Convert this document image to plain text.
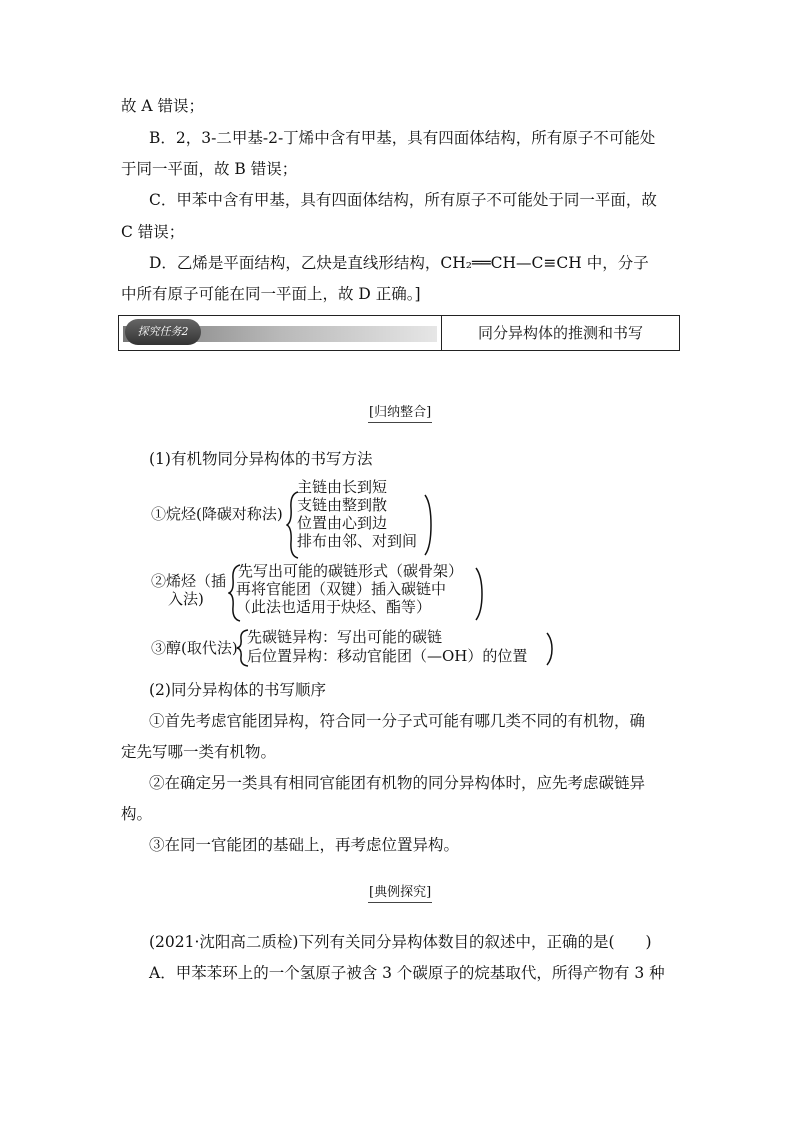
故 A 错误；
B．2，3-二甲基-2-丁烯中含有甲基，具有四面体结构，所有原子不可能处
于同一平面，故 B 错误；
C．甲苯中含有甲基，具有四面体结构，所有原子不可能处于同一平面，故
C 错误；
D．乙烯是平面结构，乙炔是直线形结构，CH₂══CH—C≡CH 中，分子
中所有原子可能在同一平面上，故 D 正确。]
探究任务2	同分异构体的推测和书写
[归纳整合]
(1)有机物同分异构体的书写方法
①烷烃(降碳对称法)
主链由长到短
支链由整到散
位置由心到边
排布由邻、对到间
②烯烃（插
入法)
先写出可能的碳链形式（碳骨架）
再将官能团（双键）插入碳链中
（此法也适用于炔烃、酯等）
③醇(取代法)
先碳链异构：写出可能的碳链
后位置异构：移动官能团（—OH）的位置
(2)同分异构体的书写顺序
①首先考虑官能团异构，符合同一分子式可能有哪几类不同的有机物，确
定先写哪一类有机物。
②在确定另一类具有相同官能团有机物的同分异构体时，应先考虑碳链异
构。
③在同一官能团的基础上，再考虑位置异构。
[典例探究]
(2021·沈阳高二质检)下列有关同分异构体数目的叙述中，正确的是(　　)
A．甲苯苯环上的一个氢原子被含 3 个碳原子的烷基取代，所得产物有 3 种
